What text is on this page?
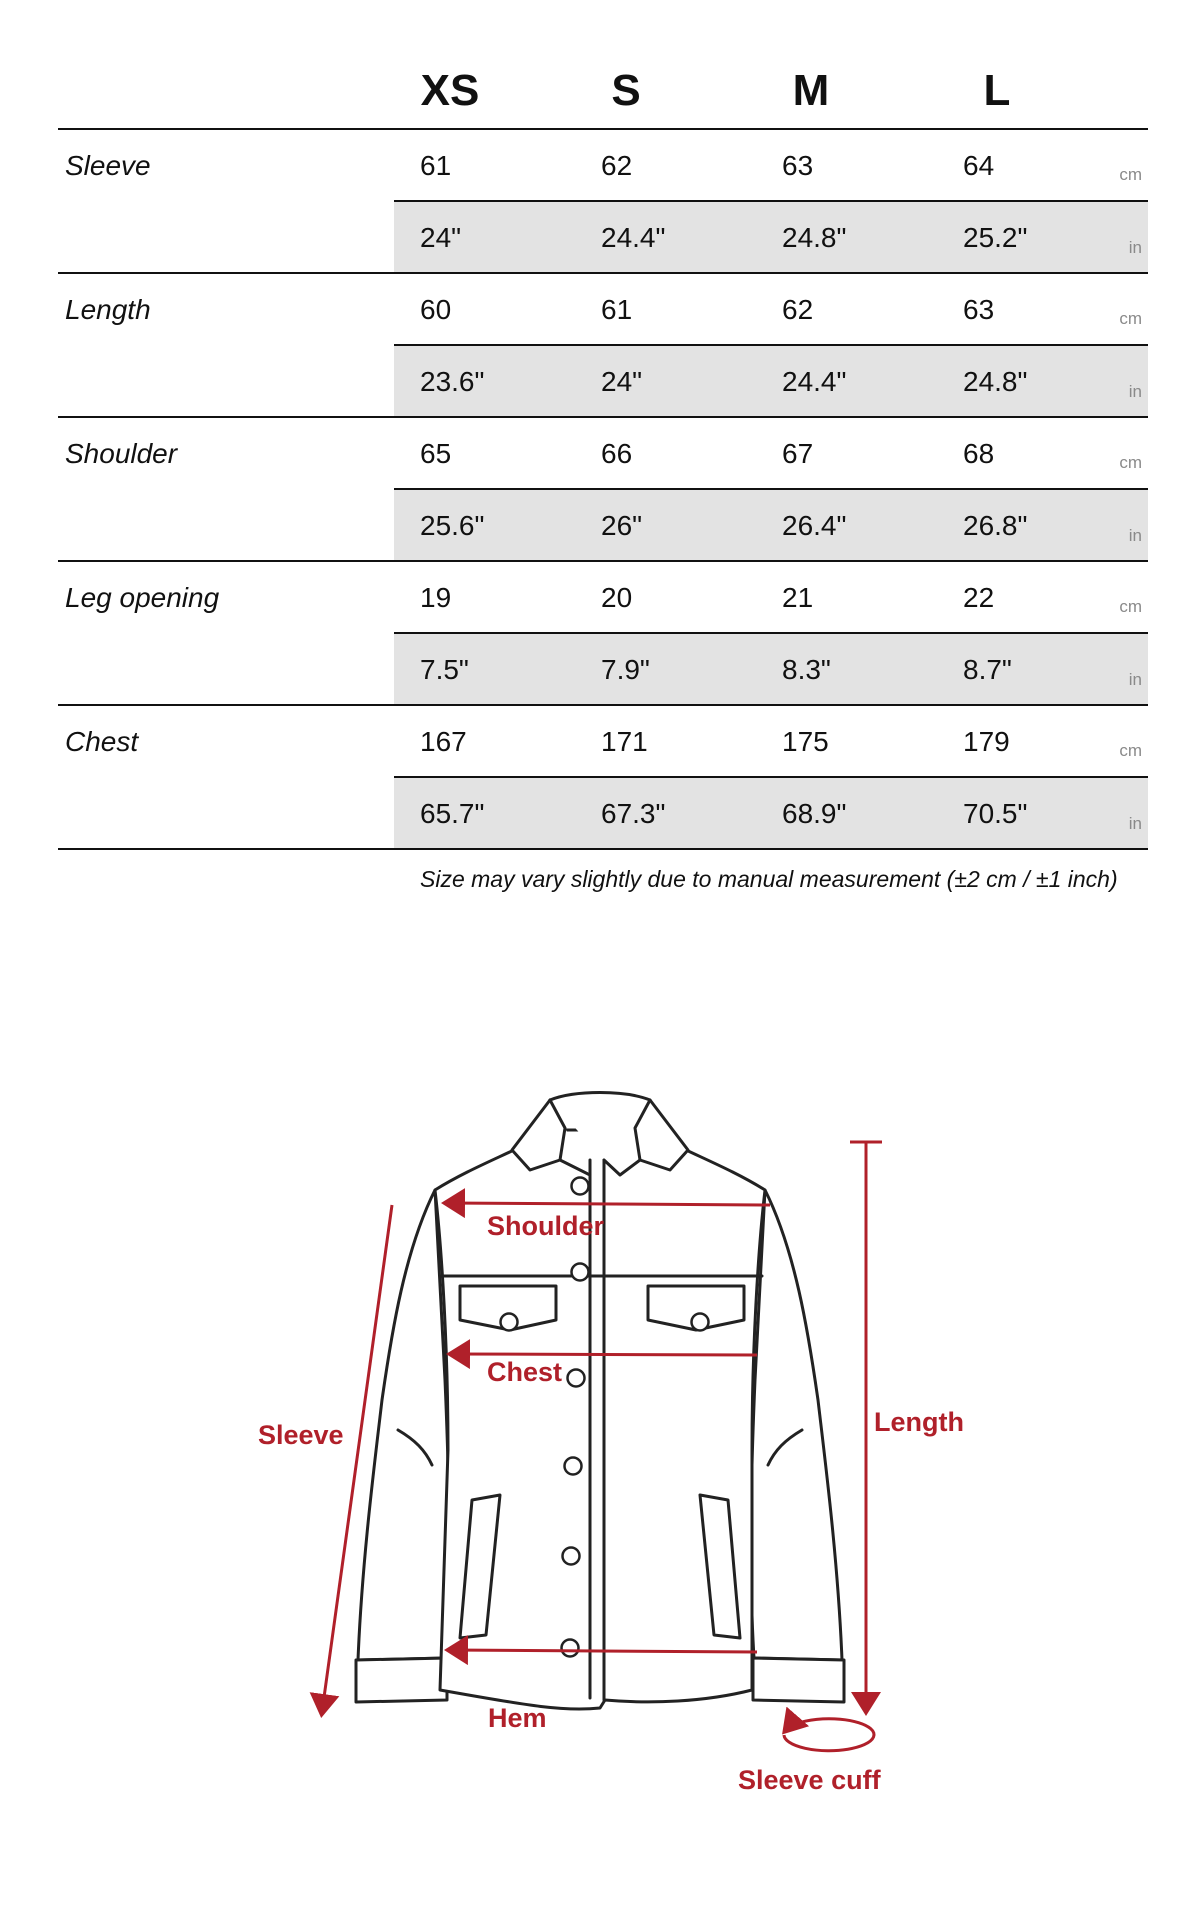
XS	S	M	L
Sleeve	61	62	63	64	cm
24"	24.4"	24.8"	25.2"	in
Length	60	61	62	63	cm
23.6"	24"	24.4"	24.8"	in
Shoulder	65	66	67	68	cm
25.6"	26"	26.4"	26.8"	in
Leg opening	19	20	21	22	cm
7.5"	7.9"	8.3"	8.7"	in
Chest	167	171	175	179	cm
65.7"	67.3"	68.9"	70.5"	in
Size may vary slightly due to manual measurement (±2 cm / ±1 inch)
Shoulder
Chest
Sleeve	Length
Hem
Sleeve cuff
